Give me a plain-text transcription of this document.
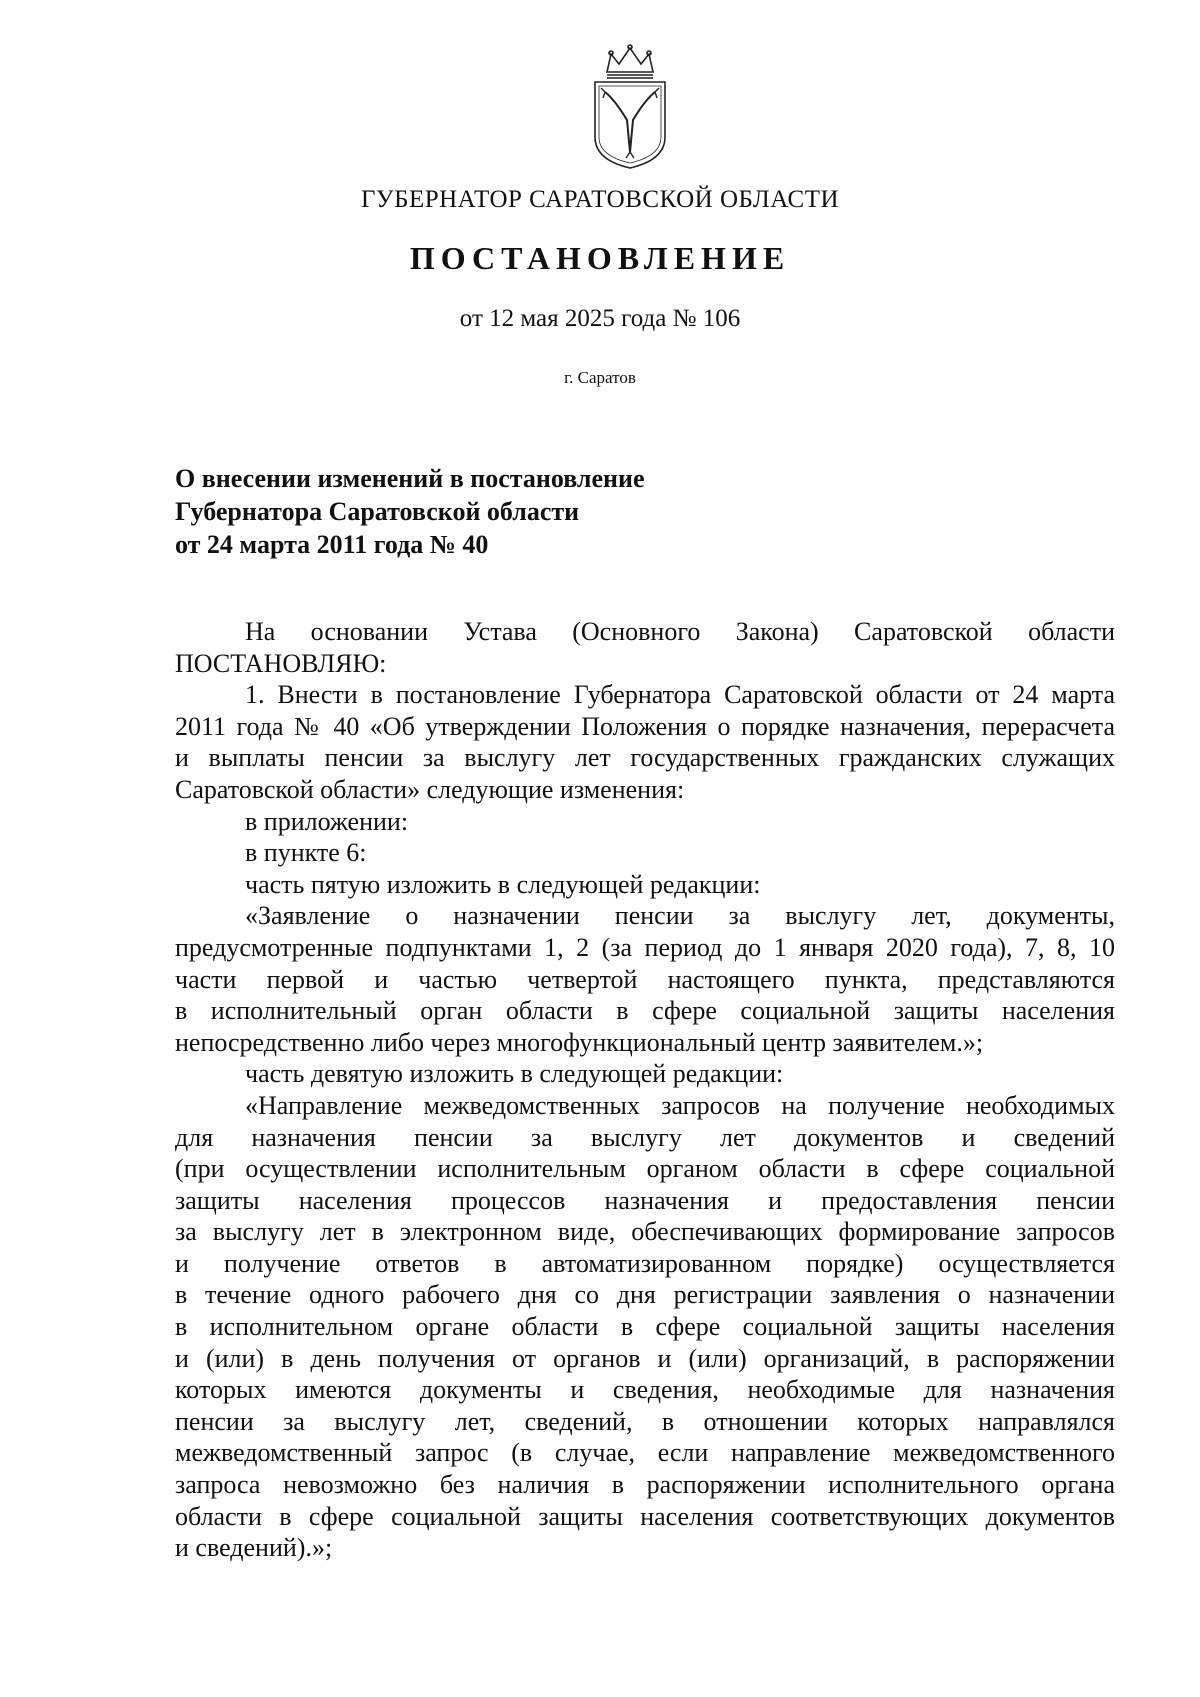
ГУБЕРНАТОР САРАТОВСКОЙ ОБЛАСТИ
ПОСТАНОВЛЕНИЕ
от 12 мая 2025 года № 106
г. Саратов
О внесении изменений в постановление
Губернатора Саратовской области
от 24 марта 2011 года № 40

На основании Устава (Основного Закона) Саратовской области

ПОСТАНОВЛЯЮ:

1. Внести в постановление Губернатора Саратовской области от 24 марта

2011 года № 40 «Об утверждении Положения о порядке назначения, перерасчета

и выплаты пенсии за выслугу лет государственных гражданских служащих

Саратовской области» следующие изменения:

в приложении:

в пункте 6:

часть пятую изложить в следующей редакции:

«Заявление о назначении пенсии за выслугу лет, документы,

предусмотренные подпунктами 1, 2 (за период до 1 января 2020 года), 7, 8, 10

части первой и частью четвертой настоящего пункта, представляются

в исполнительный орган области в сфере социальной защиты населения

непосредственно либо через многофункциональный центр заявителем.»;

часть девятую изложить в следующей редакции:

«Направление межведомственных запросов на получение необходимых

для назначения пенсии за выслугу лет документов и сведений

(при осуществлении исполнительным органом области в сфере социальной

защиты населения процессов назначения и предоставления пенсии

за выслугу лет в электронном виде, обеспечивающих формирование запросов

и получение ответов в автоматизированном порядке) осуществляется

в течение одного рабочего дня со дня регистрации заявления о назначении

в исполнительном органе области в сфере социальной защиты населения

и (или) в день получения от органов и (или) организаций, в распоряжении

которых имеются документы и сведения, необходимые для назначения

пенсии за выслугу лет, сведений, в отношении которых направлялся

межведомственный запрос (в случае, если направление межведомственного

запроса невозможно без наличия в распоряжении исполнительного органа

области в сфере социальной защиты населения соответствующих документов

и сведений).»;
